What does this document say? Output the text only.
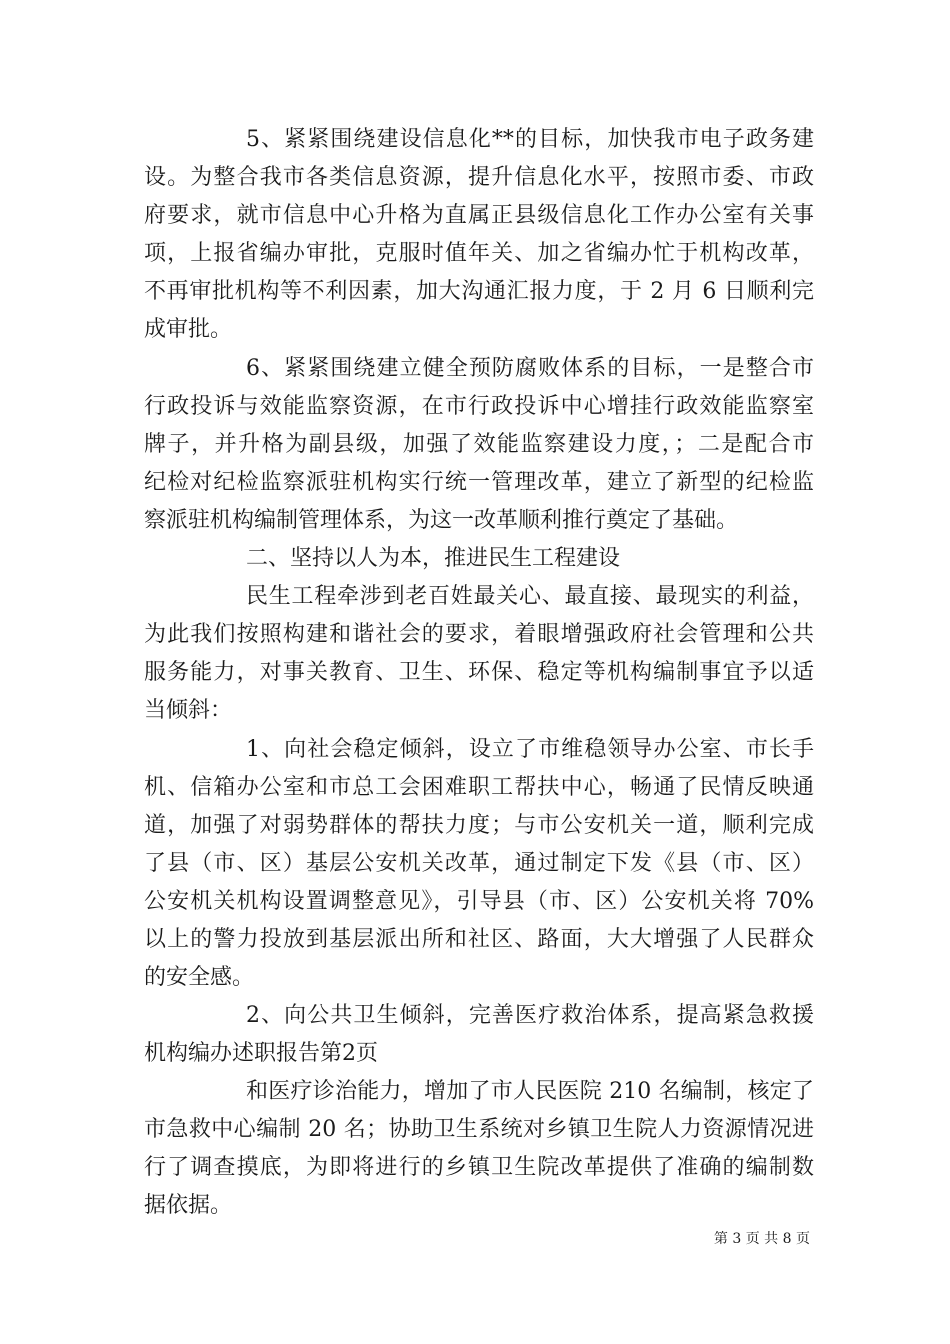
5、紧紧围绕建设信息化**的目标，加快我市电子政务建
设。为整合我市各类信息资源，提升信息化水平，按照市委、市政
府要求，就市信息中心升格为直属正县级信息化工作办公室有关事
项，上报省编办审批，克服时值年关、加之省编办忙于机构改革，
不再审批机构等不利因素，加大沟通汇报力度，于 2 月 6 日顺利完
成审批。
6、紧紧围绕建立健全预防腐败体系的目标，一是整合市
行政投诉与效能监察资源，在市行政投诉中心增挂行政效能监察室
牌子，并升格为副县级，加强了效能监察建设力度，；二是配合市
纪检对纪检监察派驻机构实行统一管理改革，建立了新型的纪检监
察派驻机构编制管理体系，为这一改革顺利推行奠定了基础。
二、坚持以人为本，推进民生工程建设
民生工程牵涉到老百姓最关心、最直接、最现实的利益，
为此我们按照构建和谐社会的要求，着眼增强政府社会管理和公共
服务能力，对事关教育、卫生、环保、稳定等机构编制事宜予以适
当倾斜：
1、向社会稳定倾斜，设立了市维稳领导办公室、市长手
机、信箱办公室和市总工会困难职工帮扶中心，畅通了民情反映通
道，加强了对弱势群体的帮扶力度；与市公安机关一道，顺利完成
了县（市、区）基层公安机关改革，通过制定下发《县（市、区）
公安机关机构设置调整意见》，引导县（市、区）公安机关将 70%
以上的警力投放到基层派出所和社区、路面，大大增强了人民群众
的安全感。
2、向公共卫生倾斜，完善医疗救治体系，提高紧急救援
机构编办述职报告第2页
和医疗诊治能力，增加了市人民医院 210 名编制，核定了
市急救中心编制 20 名；协助卫生系统对乡镇卫生院人力资源情况进
行了调查摸底，为即将进行的乡镇卫生院改革提供了准确的编制数
据依据。
第 3 页 共 8 页
